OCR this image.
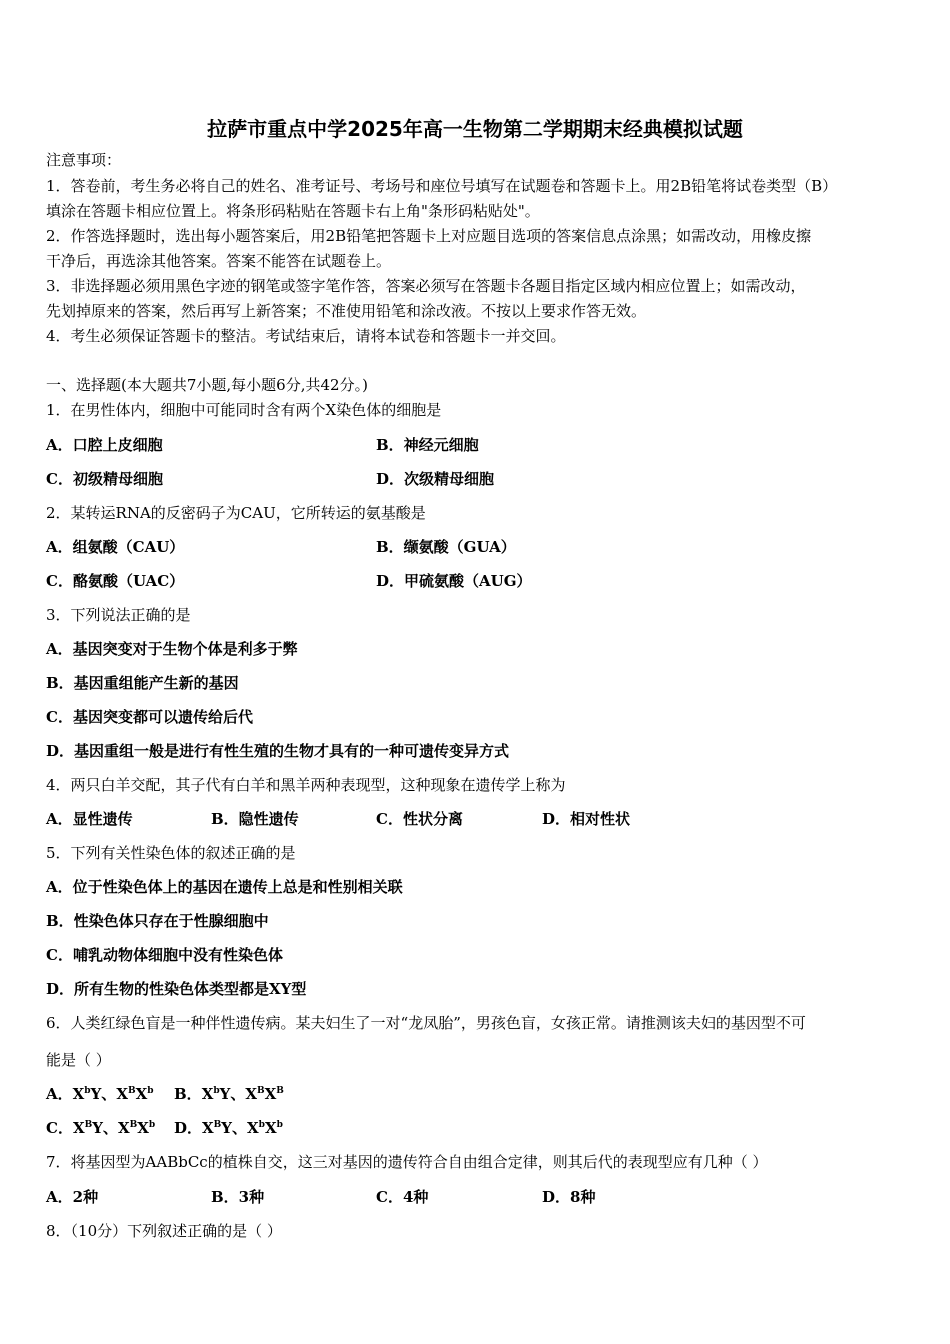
拉萨市重点中学2025年高一生物第二学期期末经典模拟试题
注意事项：
1．答卷前，考生务必将自己的姓名、准考证号、考场号和座位号填写在试题卷和答题卡上。用2B铅笔将试卷类型（B）
填涂在答题卡相应位置上。将条形码粘贴在答题卡右上角"条形码粘贴处"。
2．作答选择题时，选出每小题答案后，用2B铅笔把答题卡上对应题目选项的答案信息点涂黑；如需改动，用橡皮擦
干净后，再选涂其他答案。答案不能答在试题卷上。
3．非选择题必须用黑色字迹的钢笔或签字笔作答，答案必须写在答题卡各题目指定区域内相应位置上；如需改动，
先划掉原来的答案，然后再写上新答案；不准使用铅笔和涂改液。不按以上要求作答无效。
4．考生必须保证答题卡的整洁。考试结束后，请将本试卷和答题卡一并交回。
一、选择题(本大题共7小题,每小题6分,共42分。)
1．在男性体内，细胞中可能同时含有两个X染色体的细胞是
A．口腔上皮细胞	B．神经元细胞
C．初级精母细胞	D．次级精母细胞
2．某转运RNA的反密码子为CAU，它所转运的氨基酸是
A．组氨酸（CAU）	B．缬氨酸（GUA）
C．酪氨酸（UAC）	D．甲硫氨酸（AUG）
3．下列说法正确的是
A．基因突变对于生物个体是利多于弊
B．基因重组能产生新的基因
C．基因突变都可以遗传给后代
D．基因重组一般是进行有性生殖的生物才具有的一种可遗传变异方式
4．两只白羊交配，其子代有白羊和黑羊两种表现型，这种现象在遗传学上称为
A．显性遗传	B．隐性遗传	C．性状分离	D．相对性状
5．下列有关性染色体的叙述正确的是
A．位于性染色体上的基因在遗传上总是和性别相关联
B．性染色体只存在于性腺细胞中
C．哺乳动物体细胞中没有性染色体
D．所有生物的性染色体类型都是XY型
6．人类红绿色盲是一种伴性遗传病。某夫妇生了一对“龙凤胎”，男孩色盲，女孩正常。请推测该夫妇的基因型不可
能是（ ）
A．$X^bY$、$X^BX^b$ B．$X^bY$、$X^BX^B$
C．$X^BY$、$X^BX^b$ D．$X^BY$、$X^bX^b$
7．将基因型为AABbCc的植株自交，这三对基因的遗传符合自由组合定律，则其后代的表现型应有几种（ ）
A．2种	B．3种	C．4种	D．8种
8．（10分）下列叙述正确的是（ ）
